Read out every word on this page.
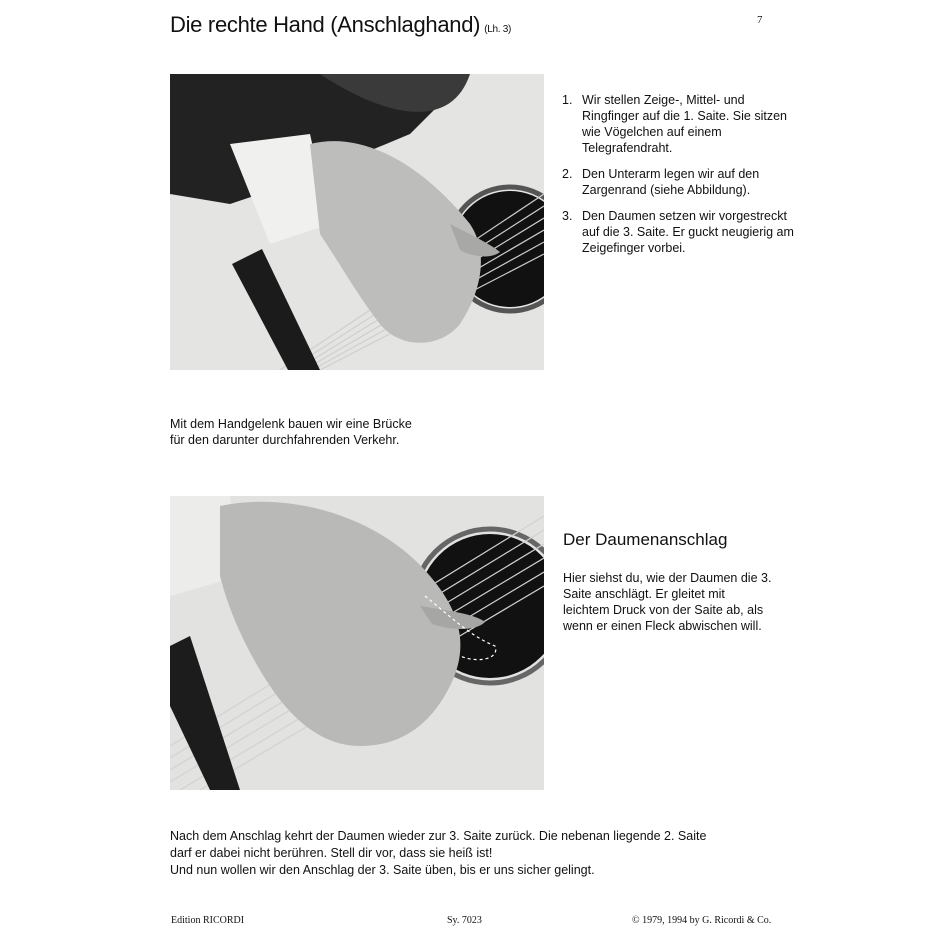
Die rechte Hand (Anschlaghand) (Lh. 3)
7
1. Wir stellen Zeige-, Mittel- und Ringfinger auf die 1. Saite. Sie sitzen wie Vögelchen auf einem Telegrafendraht.
2. Den Unterarm legen wir auf den Zargenrand (siehe Abbildung).
3. Den Daumen setzen wir vorgestreckt auf die 3. Saite. Er guckt neugierig am Zeigefinger vorbei.
Mit dem Handgelenk bauen wir eine Brücke
für den darunter durchfahrenden Verkehr.
Der Daumenanschlag
Hier siehst du, wie der Daumen die 3. Saite anschlägt. Er gleitet mit leichtem Druck von der Saite ab, als wenn er einen Fleck abwischen will.
Nach dem Anschlag kehrt der Daumen wieder zur 3. Saite zurück. Die nebenan liegende 2. Saite
darf er dabei nicht berühren. Stell dir vor, dass sie heiß ist!
Und nun wollen wir den Anschlag der 3. Saite üben, bis er uns sicher gelingt.
Edition RICORDI	Sy. 7023	© 1979, 1994 by G. Ricordi & Co.
